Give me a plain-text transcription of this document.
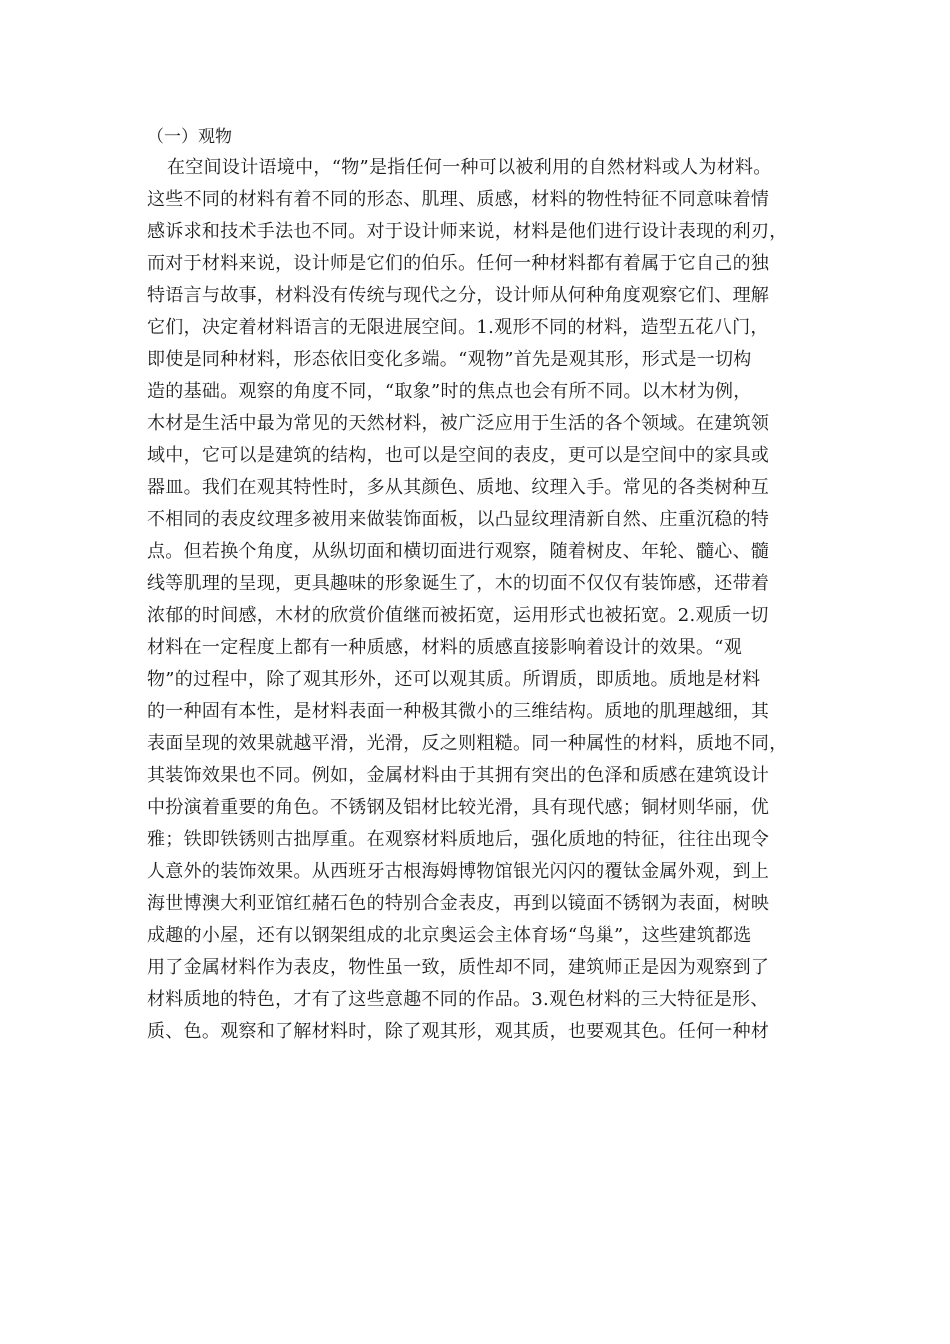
（一）观物
在空间设计语境中，“物”是指任何一种可以被利用的自然材料或人为材料。
这些不同的材料有着不同的形态、肌理、质感，材料的物性特征不同意味着情
感诉求和技术手法也不同。对于设计师来说，材料是他们进行设计表现的利刃，
而对于材料来说，设计师是它们的伯乐。任何一种材料都有着属于它自己的独
特语言与故事，材料没有传统与现代之分，设计师从何种角度观察它们、理解
它们，决定着材料语言的无限进展空间。1.观形不同的材料，造型五花八门，
即使是同种材料，形态依旧变化多端。“观物”首先是观其形，形式是一切构
造的基础。观察的角度不同，“取象”时的焦点也会有所不同。以木材为例，
木材是生活中最为常见的天然材料，被广泛应用于生活的各个领域。在建筑领
域中，它可以是建筑的结构，也可以是空间的表皮，更可以是空间中的家具或
器皿。我们在观其特性时，多从其颜色、质地、纹理入手。常见的各类树种互
不相同的表皮纹理多被用来做装饰面板，以凸显纹理清新自然、庄重沉稳的特
点。但若换个角度，从纵切面和横切面进行观察，随着树皮、年轮、髓心、髓
线等肌理的呈现，更具趣味的形象诞生了，木的切面不仅仅有装饰感，还带着
浓郁的时间感，木材的欣赏价值继而被拓宽，运用形式也被拓宽。2.观质一切
材料在一定程度上都有一种质感，材料的质感直接影响着设计的效果。“观
物”的过程中，除了观其形外，还可以观其质。所谓质，即质地。质地是材料
的一种固有本性，是材料表面一种极其微小的三维结构。质地的肌理越细，其
表面呈现的效果就越平滑，光滑，反之则粗糙。同一种属性的材料，质地不同，
其装饰效果也不同。例如，金属材料由于其拥有突出的色泽和质感在建筑设计
中扮演着重要的角色。不锈钢及铝材比较光滑，具有现代感；铜材则华丽，优
雅；铁即铁锈则古拙厚重。在观察材料质地后，强化质地的特征，往往出现令
人意外的装饰效果。从西班牙古根海姆博物馆银光闪闪的覆钛金属外观，到上
海世博澳大利亚馆红赭石色的特别合金表皮，再到以镜面不锈钢为表面，树映
成趣的小屋，还有以钢架组成的北京奥运会主体育场“鸟巢”，这些建筑都选
用了金属材料作为表皮，物性虽一致，质性却不同，建筑师正是因为观察到了
材料质地的特色，才有了这些意趣不同的作品。3.观色材料的三大特征是形、
质、色。观察和了解材料时，除了观其形，观其质，也要观其色。任何一种材
